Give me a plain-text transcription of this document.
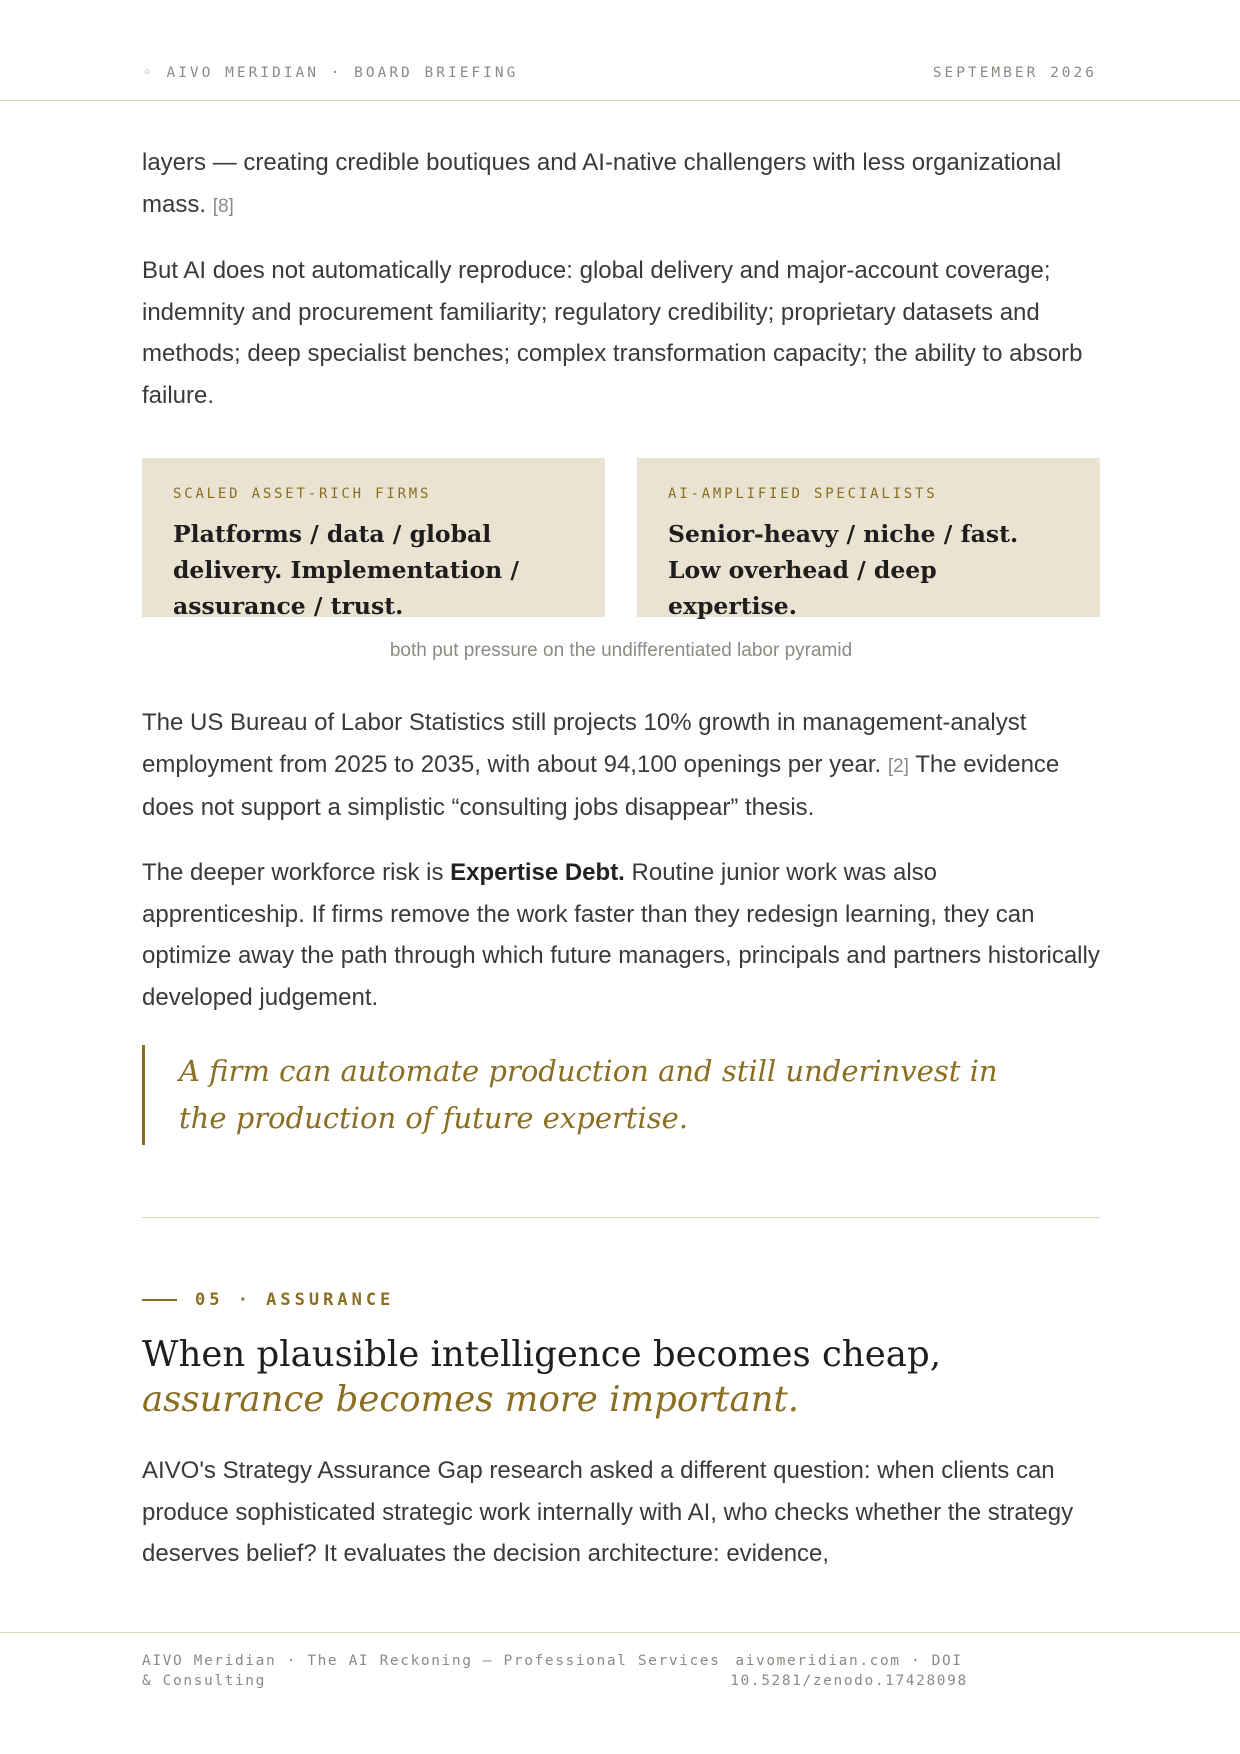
◦ AIVO MERIDIAN · BOARD BRIEFING	SEPTEMBER 2026

layers — creating credible boutiques and AI-native challengers with less organizational mass. [8]

But AI does not automatically reproduce: global delivery and major-account coverage; indemnity and procurement familiarity; regulatory credibility; proprietary datasets and methods; deep specialist benches; complex transformation capacity; the ability to absorb failure.

SCALED ASSET-RICH FIRMS
Platforms / data / global delivery. Implementation / assurance / trust.
AI-AMPLIFIED SPECIALISTS
Senior-heavy / niche / fast. Low overhead / deep expertise.
both put pressure on the undifferentiated labor pyramid

The US Bureau of Labor Statistics still projects 10% growth in management-analyst employment from 2025 to 2035, with about 94,100 openings per year. [2] The evidence does not support a simplistic “consulting jobs disappear” thesis.

The deeper workforce risk is Expertise Debt. Routine junior work was also apprenticeship. If firms remove the work faster than they redesign learning, they can optimize away the path through which future managers, principals and partners historically developed judgement.

A firm can automate production and still underinvest in the production of future expertise.
05 · ASSURANCE
When plausible intelligence becomes cheap,
assurance becomes more important.

AIVO's Strategy Assurance Gap research asked a different question: when clients can produce sophisticated strategic work internally with AI, who checks whether the strategy deserves belief? It evaluates the decision architecture: evidence,

AIVO Meridian · The AI Reckoning — Professional Services & Consulting
aivomeridian.com · DOI 10.5281/zenodo.17428098
